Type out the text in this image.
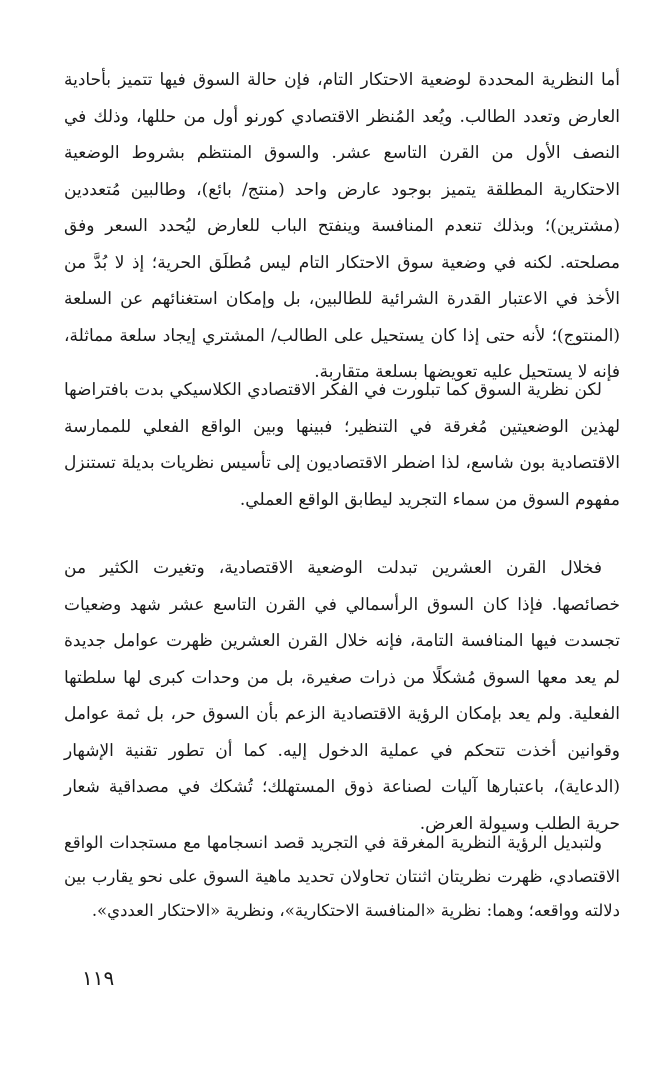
أما النظرية المحددة لوضعية الاحتكار التام، فإن حالة السوق فيها تتميز بأحادية العارض وتعدد الطالب. ويُعد المُنظر الاقتصادي كورنو أول من حللها، وذلك في النصف الأول من القرن التاسع عشر. والسوق المنتظم بشروط الوضعية الاحتكارية المطلقة يتميز بوجود عارض واحد (منتج/ بائع)، وطالبين مُتعددين (مشترين)؛ وبذلك تنعدم المنافسة وينفتح الباب للعارض ليُحدد السعر وفق مصلحته. لكنه في وضعية سوق الاحتكار التام ليس مُطلَق الحرية؛ إذ لا بُدَّ من الأخذ في الاعتبار القدرة الشرائية للطالبين، بل وإمكان استغنائهم عن السلعة (المنتوج)؛ لأنه حتى إذا كان يستحيل على الطالب/ المشتري إيجاد سلعة مماثلة، فإنه لا يستحيل عليه تعويضها بسلعة متقاربة.

لكن نظرية السوق كما تبلورت في الفكر الاقتصادي الكلاسيكي بدت بافتراضها لهذين الوضعيتين مُغرقة في التنظير؛ فبينها وبين الواقع الفعلي للممارسة الاقتصادية بون شاسع، لذا اضطر الاقتصاديون إلى تأسيس نظريات بديلة تستنزل مفهوم السوق من سماء التجريد ليطابق الواقع العملي.

فخلال القرن العشرين تبدلت الوضعية الاقتصادية، وتغيرت الكثير من خصائصها. فإذا كان السوق الرأسمالي في القرن التاسع عشر شهد وضعيات تجسدت فيها المنافسة التامة، فإنه خلال القرن العشرين ظهرت عوامل جديدة لم يعد معها السوق مُشكلًا من ذرات صغيرة، بل من وحدات كبرى لها سلطتها الفعلية. ولم يعد بإمكان الرؤية الاقتصادية الزعم بأن السوق حر، بل ثمة عوامل وقوانين أخذت تتحكم في عملية الدخول إليه. كما أن تطور تقنية الإشهار (الدعاية)، باعتبارها آليات لصناعة ذوق المستهلك؛ تُشكك في مصداقية شعار حرية الطلب وسيولة العرض.

ولتبديل الرؤية النظرية المغرقة في التجريد قصد انسجامها مع مستجدات الواقع الاقتصادي، ظهرت نظريتان اثنتان تحاولان تحديد ماهية السوق على نحو يقارب بين دلالته وواقعه؛ وهما: نظرية «المنافسة الاحتكارية»، ونظرية «الاحتكار العددي».

١١٩
